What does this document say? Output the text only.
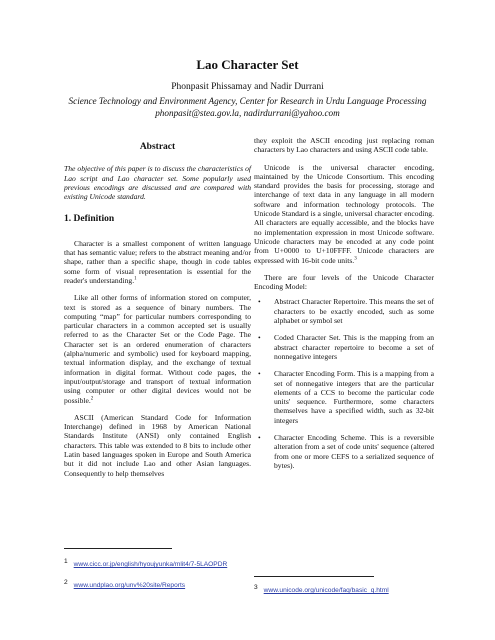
Lao Character Set
Phonpasit Phissamay and Nadir Durrani
Science Technology and Environment Agency, Center for Research in Urdu Language Processing
phonpasit@stea.gov.la, nadirdurrani@yahoo.com
Abstract

The objective of this paper is to discuss the characteristics of Lao script and Lao character set. Some popularly used previous encodings are discussed and are compared with existing Unicode standard.

1. Definition

Character is a smallest component of written language that has semantic value; refers to the abstract meaning and/or shape, rather than a specific shape, though in code tables some form of visual representation is essential for the reader's understanding.$^1$

Like all other forms of information stored on computer, text is stored as a sequence of binary numbers. The computing “map” for particular numbers corresponding to particular characters in a common accepted set is usually referred to as the Character Set or the Code Page. The Character set is an ordered enumeration of characters (alpha/numeric and symbolic) used for keyboard mapping, textual information display, and the exchange of textual information in digital format. Without code pages, the input/output/storage and transport of textual information using computer or other digital devices would not be possible.$^2$

ASCII (American Standard Code for Information Interchange) defined in 1968 by American National Standards Institute (ANSI) only contained English characters. This table was extended to 8 bits to include other Latin based languages spoken in Europe and South America but it did not include Lao and other Asian languages. Consequently to help themselves

they exploit the ASCII encoding just replacing roman characters by Lao characters and using ASCII code table.

Unicode is the universal character encoding, maintained by the Unicode Consortium. This encoding standard provides the basis for processing, storage and interchange of text data in any language in all modern software and information technology protocols. The Unicode Standard is a single, universal character encoding. All characters are equally accessible, and the blocks have no implementation expression in most Unicode software. Unicode characters may be encoded at any code point from U+0000 to U+10FFFF. Unicode characters are expressed with 16-bit code units.$^3$

There are four levels of the Unicode Character Encoding Model:

• Abstract Character Repertoire. This means the set of characters to be exactly encoded, such as some alphabet or symbol set
• Coded Character Set. This is the mapping from an abstract character repertoire to become a set of nonnegative integers
• Character Encoding Form. This is a mapping from a set of nonnegative integers that are the particular elements of a CCS to become the particular code units' sequence. Furthermore, some characters themselves have a specified width, such as 32-bit integers
• Character Encoding Scheme. This is a reversible alteration from a set of code units' sequence (altered from one or more CEFS to a serialized sequence of bytes).
1 www.cicc.or.jp/english/hyoujyunka/mlit4/7-5LAOPDR
2 www.undplao.org/unv%20site/Reports	3 www.unicode.org/unicode/faq/basic_q.html
